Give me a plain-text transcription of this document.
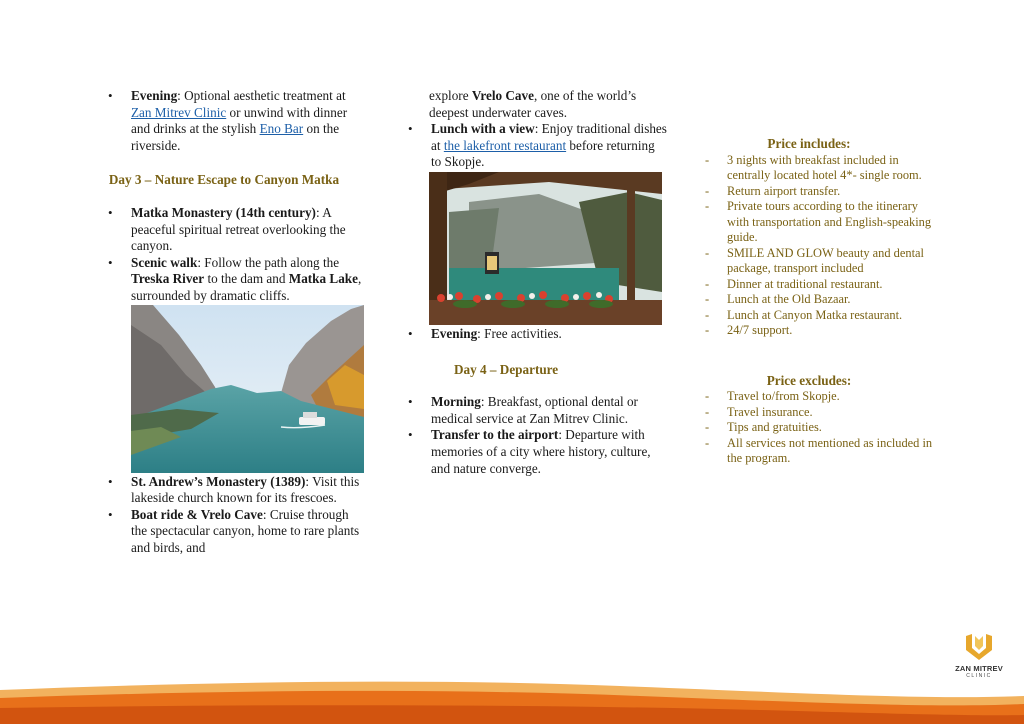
• Evening: Optional aesthetic treatment at Zan Mitrev Clinic or unwind with dinner and drinks at the stylish Eno Bar on the riverside.
Day 3 – Nature Escape to Canyon Matka
• Matka Monastery (14th century): A peaceful spiritual retreat overlooking the canyon.
• Scenic walk: Follow the path along the Treska River to the dam and Matka Lake, surrounded by dramatic cliffs.
• St. Andrew’s Monastery (1389): Visit this lakeside church known for its frescoes.
• Boat ride & Vrelo Cave: Cruise through the spectacular canyon, home to rare plants and birds, and

explore Vrelo Cave, one of the world’s deepest underwater caves.

• Lunch with a view: Enjoy traditional dishes at the lakefront restaurant before returning to Skopje.
• Evening: Free activities.
Day 4 – Departure
• Morning: Breakfast, optional dental or medical service at Zan Mitrev Clinic.
• Transfer to the airport: Departure with memories of a city where history, culture, and nature converge.
Price includes:
- 3 nights with breakfast included in centrally located hotel 4*- single room.
- Return airport transfer.
- Private tours according to the itinerary with transportation and English-speaking guide.
- SMILE AND GLOW beauty and dental package, transport included
- Dinner at traditional restaurant.
- Lunch at the Old Bazaar.
- Lunch at Canyon Matka restaurant.
- 24/7 support.
Price excludes:
- Travel to/from Skopje.
- Travel insurance.
- Tips and gratuities.
- All services not mentioned as included in the program.
ZAN MITREV
CLINIC
